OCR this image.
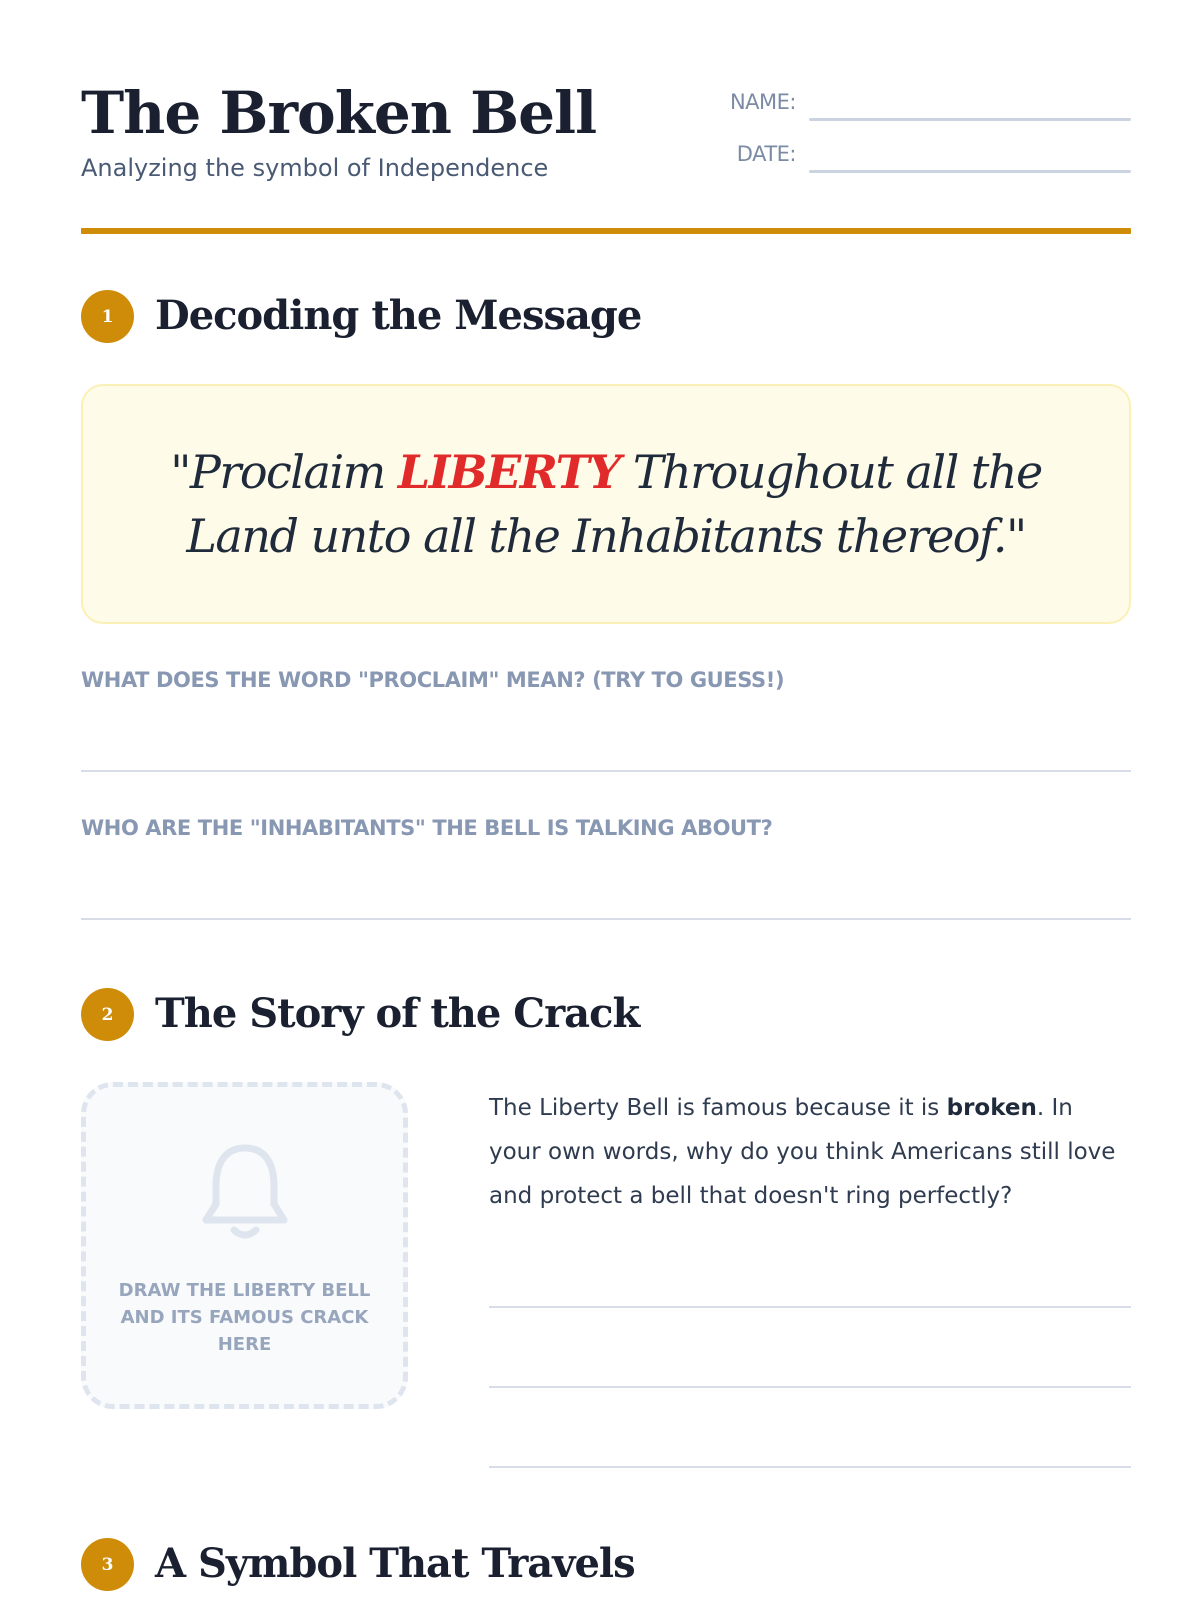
The Broken Bell
Analyzing the symbol of Independence
NAME:
DATE:
1	Decoding the Message

"Proclaim LIBERTY Throughout all the Land unto all the Inhabitants thereof."

WHAT DOES THE WORD "PROCLAIM" MEAN? (TRY TO GUESS!)
WHO ARE THE "INHABITANTS" THE BELL IS TALKING ABOUT?
2	The Story of the Crack
DRAW THE LIBERTY BELL AND ITS FAMOUS CRACK HERE

The Liberty Bell is famous because it is broken. In your own words, why do you think Americans still love and protect a bell that doesn't ring perfectly?

3	A Symbol That Travels
